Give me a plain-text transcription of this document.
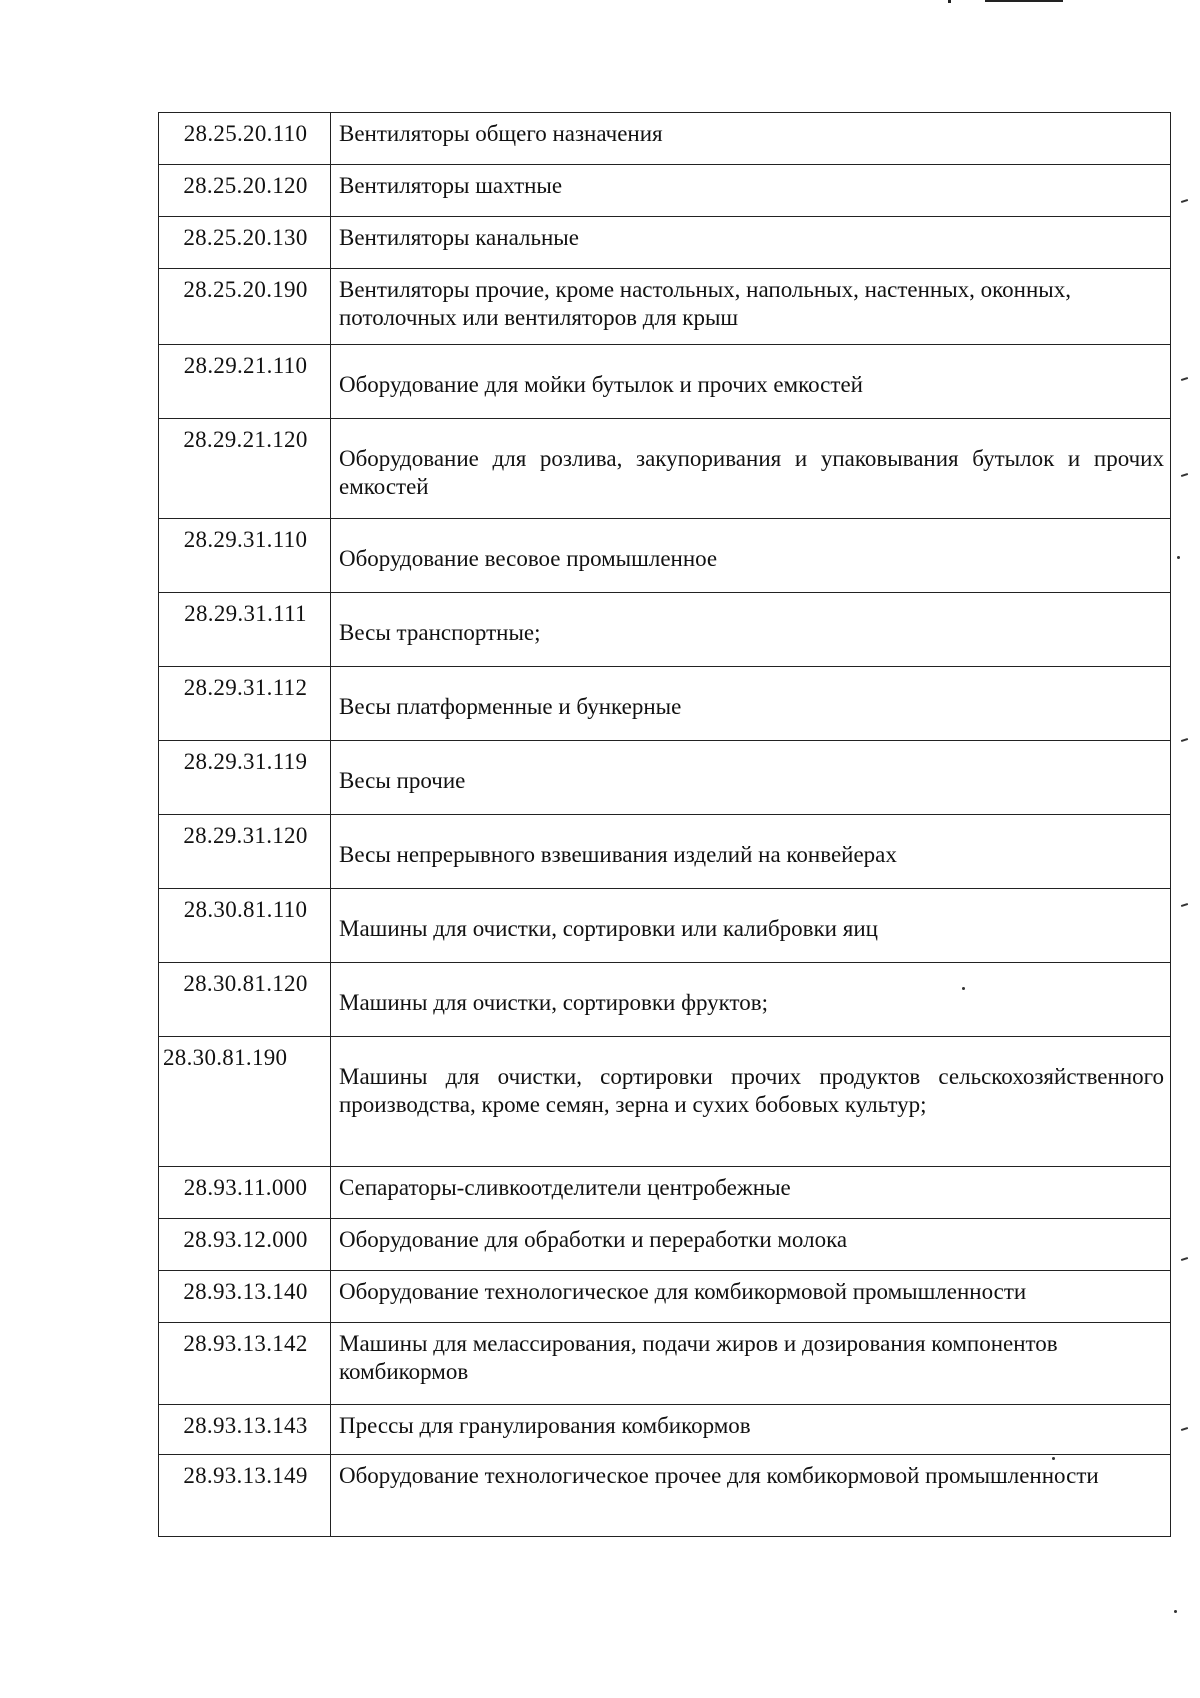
28.25.20.110	Вентиляторы общего назначения
28.25.20.120	Вентиляторы шахтные
28.25.20.130	Вентиляторы канальные
28.25.20.190	Вентиляторы прочие, кроме настольных, напольных, настенных, оконных, потолочных или вентиляторов для крыш
28.29.21.110	Оборудование для мойки бутылок и прочих емкостей
28.29.21.120	Оборудование для розлива, закупоривания и упаковывания бутылок и прочих емкостей
28.29.31.110	Оборудование весовое промышленное
28.29.31.111	Весы транспортные;
28.29.31.112	Весы платформенные и бункерные
28.29.31.119	Весы прочие
28.29.31.120	Весы непрерывного взвешивания изделий на конвейерах
28.30.81.110	Машины для очистки, сортировки или калибровки яиц
28.30.81.120	Машины для очистки, сортировки фруктов;
28.30.81.190	Машины для очистки, сортировки прочих продуктов сельскохозяйственного производства, кроме семян, зерна и сухих бобовых культур;
28.93.11.000	Сепараторы-сливкоотделители центробежные
28.93.12.000	Оборудование для обработки и переработки молока
28.93.13.140	Оборудование технологическое для комбикормовой промышленности
28.93.13.142	Машины для мелассирования, подачи жиров и дозирования компонентов комбикормов
28.93.13.143	Прессы для гранулирования комбикормов
28.93.13.149	Оборудование технологическое прочее для комбикормовой промышленности
